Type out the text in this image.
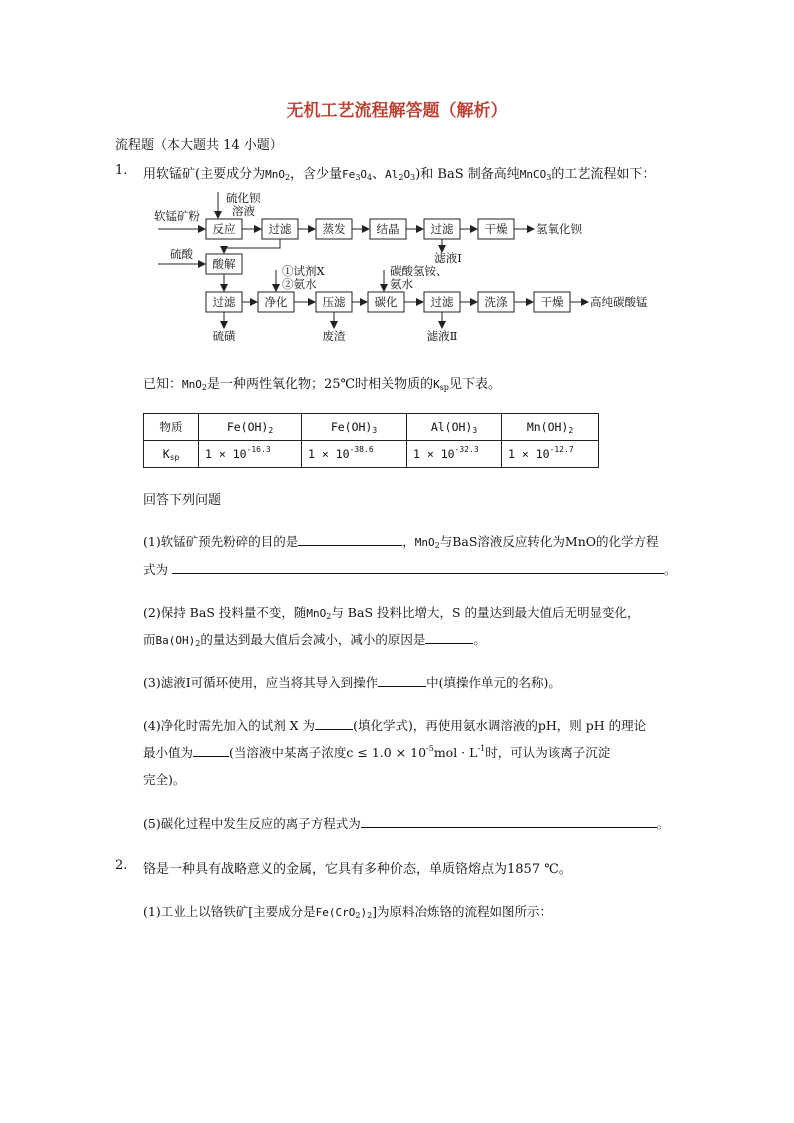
无机工艺流程解答题（解析）
流程题（本大题共 14 小题）
1. 用软锰矿(主要成分为MnO$_2$，含少量$Fe_3O_4$、$Al_2O_3$)和 BaS 制备高纯MnCO$_3$的工艺流程如下：
反应	过滤	蒸发	结晶	过滤	干燥
酸解
过滤	净化	压滤	碳化	过滤	洗涤	干燥
硫磺	废渣	滤液Ⅱ
滤液Ⅰ
软锰矿粉
硫化钡
溶液
硫酸
氢氧化钡
①试剂X
②氨水
碳酸氢铵、
氨水
高纯碳酸锰
已知：MnO$_2$是一种两性氧化物；25℃时相关物质的$K_{sp}$见下表。
物质	$Fe(OH)_2$	$Fe(OH)_3$	$Al(OH)_3$	$Mn(OH)_2$
$K_{sp}$	$1 \times 10^{-16.3}$	$1 \times 10^{-38.6}$	$1 \times 10^{-32.3}$	$1 \times 10^{-12.7}$
回答下列问题
(1)软锰矿预先粉碎的目的是	，MnO$_2$与BaS溶液反应转化为MnO的化学方程
式为	。
(2)保持 BaS 投料量不变，随MnO$_2$与 BaS 投料比增大，S 的量达到最大值后无明显变化，
而$Ba(OH)_2$的量达到最大值后会减小，减小的原因是	。
(3)滤液Ⅰ可循环使用，应当将其导入到操作	中(填操作单元的名称)。
(4)净化时需先加入的试剂 X 为	(填化学式)，再使用氨水调溶液的pH，则 pH 的理论
最小值为	(当溶液中某离子浓度$c \le 1.0 \times 10^{-5}mol \cdot L^{-1}$时，可认为该离子沉淀
完全)。
(5)碳化过程中发生反应的离子方程式为	。
2. 铬是一种具有战略意义的金属，它具有多种价态，单质铬熔点为1857 ℃。
(1)工业上以铬铁矿[主要成分是$Fe(CrO_2)_2$]为原料冶炼铬的流程如图所示：
